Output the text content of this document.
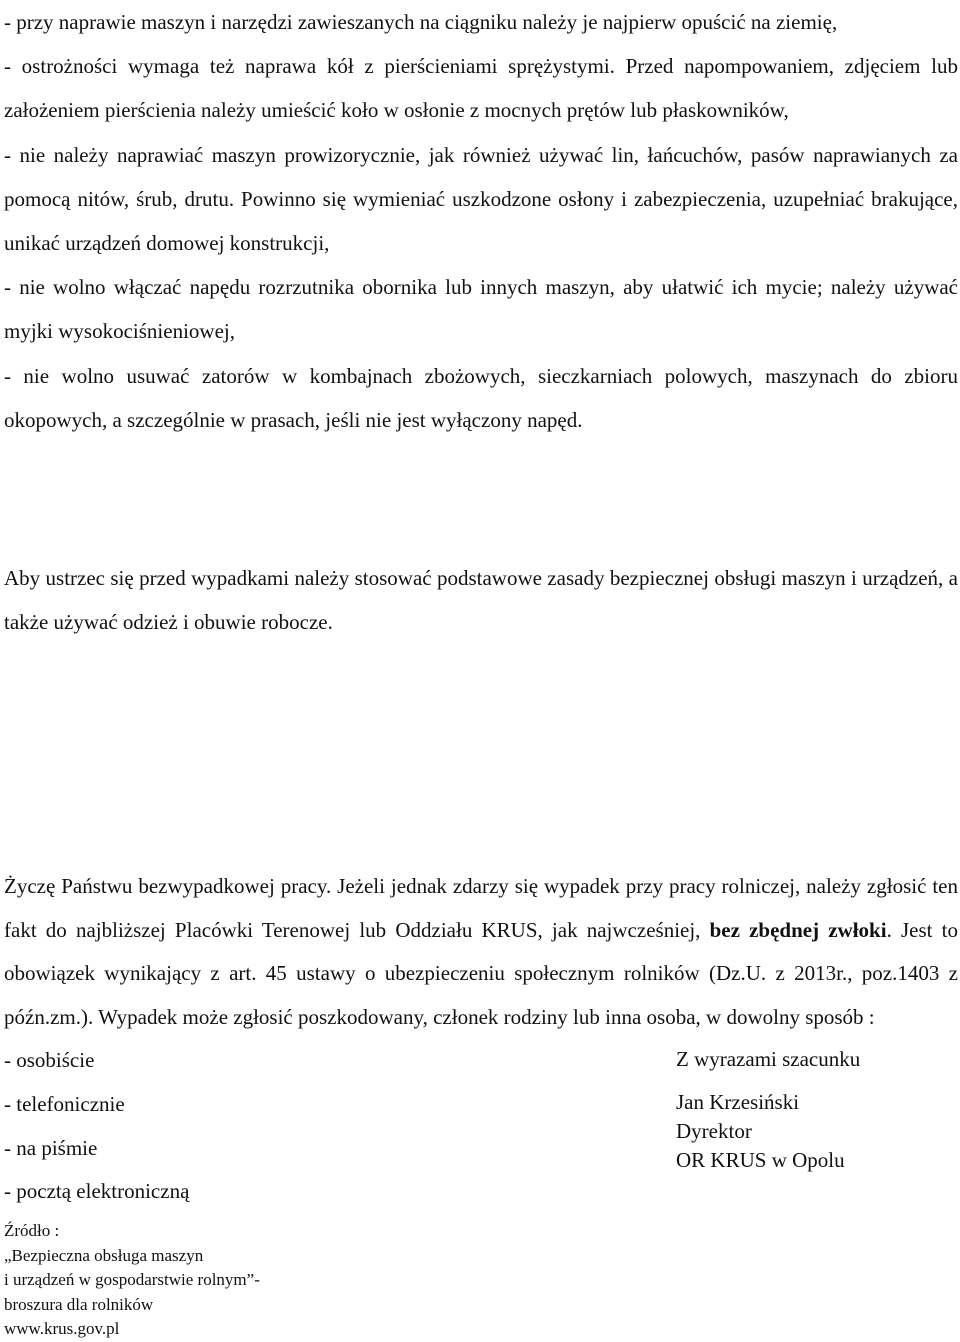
- przy naprawie maszyn i narzędzi zawieszanych na ciągniku należy je najpierw opuścić na ziemię,
- ostrożności wymaga też naprawa kół z pierścieniami sprężystymi. Przed napompowaniem, zdjęciem lub założeniem pierścienia należy umieścić koło w osłonie z mocnych prętów lub płaskowników,
- nie należy naprawiać maszyn prowizorycznie, jak również używać lin, łańcuchów, pasów naprawianych za pomocą nitów, śrub, drutu. Powinno się wymieniać uszkodzone osłony i zabezpieczenia, uzupełniać brakujące, unikać urządzeń domowej konstrukcji,
- nie wolno włączać napędu rozrzutnika obornika lub innych maszyn, aby ułatwić ich mycie; należy używać myjki wysokociśnieniowej,
- nie wolno usuwać zatorów w kombajnach zbożowych, sieczkarniach polowych, maszynach do zbioru okopowych, a szczególnie w prasach, jeśli nie jest wyłączony napęd.
Aby ustrzec się przed wypadkami należy stosować podstawowe zasady bezpiecznej obsługi maszyn i urządzeń, a także używać odzież i obuwie robocze.
Życzę Państwu bezwypadkowej pracy. Jeżeli jednak zdarzy się wypadek przy pracy rolniczej, należy zgłosić ten fakt do najbliższej Placówki Terenowej lub Oddziału KRUS, jak najwcześniej, bez zbędnej zwłoki. Jest to obowiązek wynikający z art. 45 ustawy o ubezpieczeniu społecznym rolników (Dz.U. z 2013r., poz.1403 z późn.zm.). Wypadek może zgłosić poszkodowany, członek rodziny lub inna osoba, w dowolny sposób :
- osobiście
- telefonicznie
- na piśmie
- pocztą elektroniczną
Z wyrazami szacunku
Jan Krzesiński
Dyrektor
OR KRUS w Opolu
Źródło :
„Bezpieczna obsługa maszyn
i urządzeń w gospodarstwie rolnym”-
broszura dla rolników
www.krus.gov.pl
